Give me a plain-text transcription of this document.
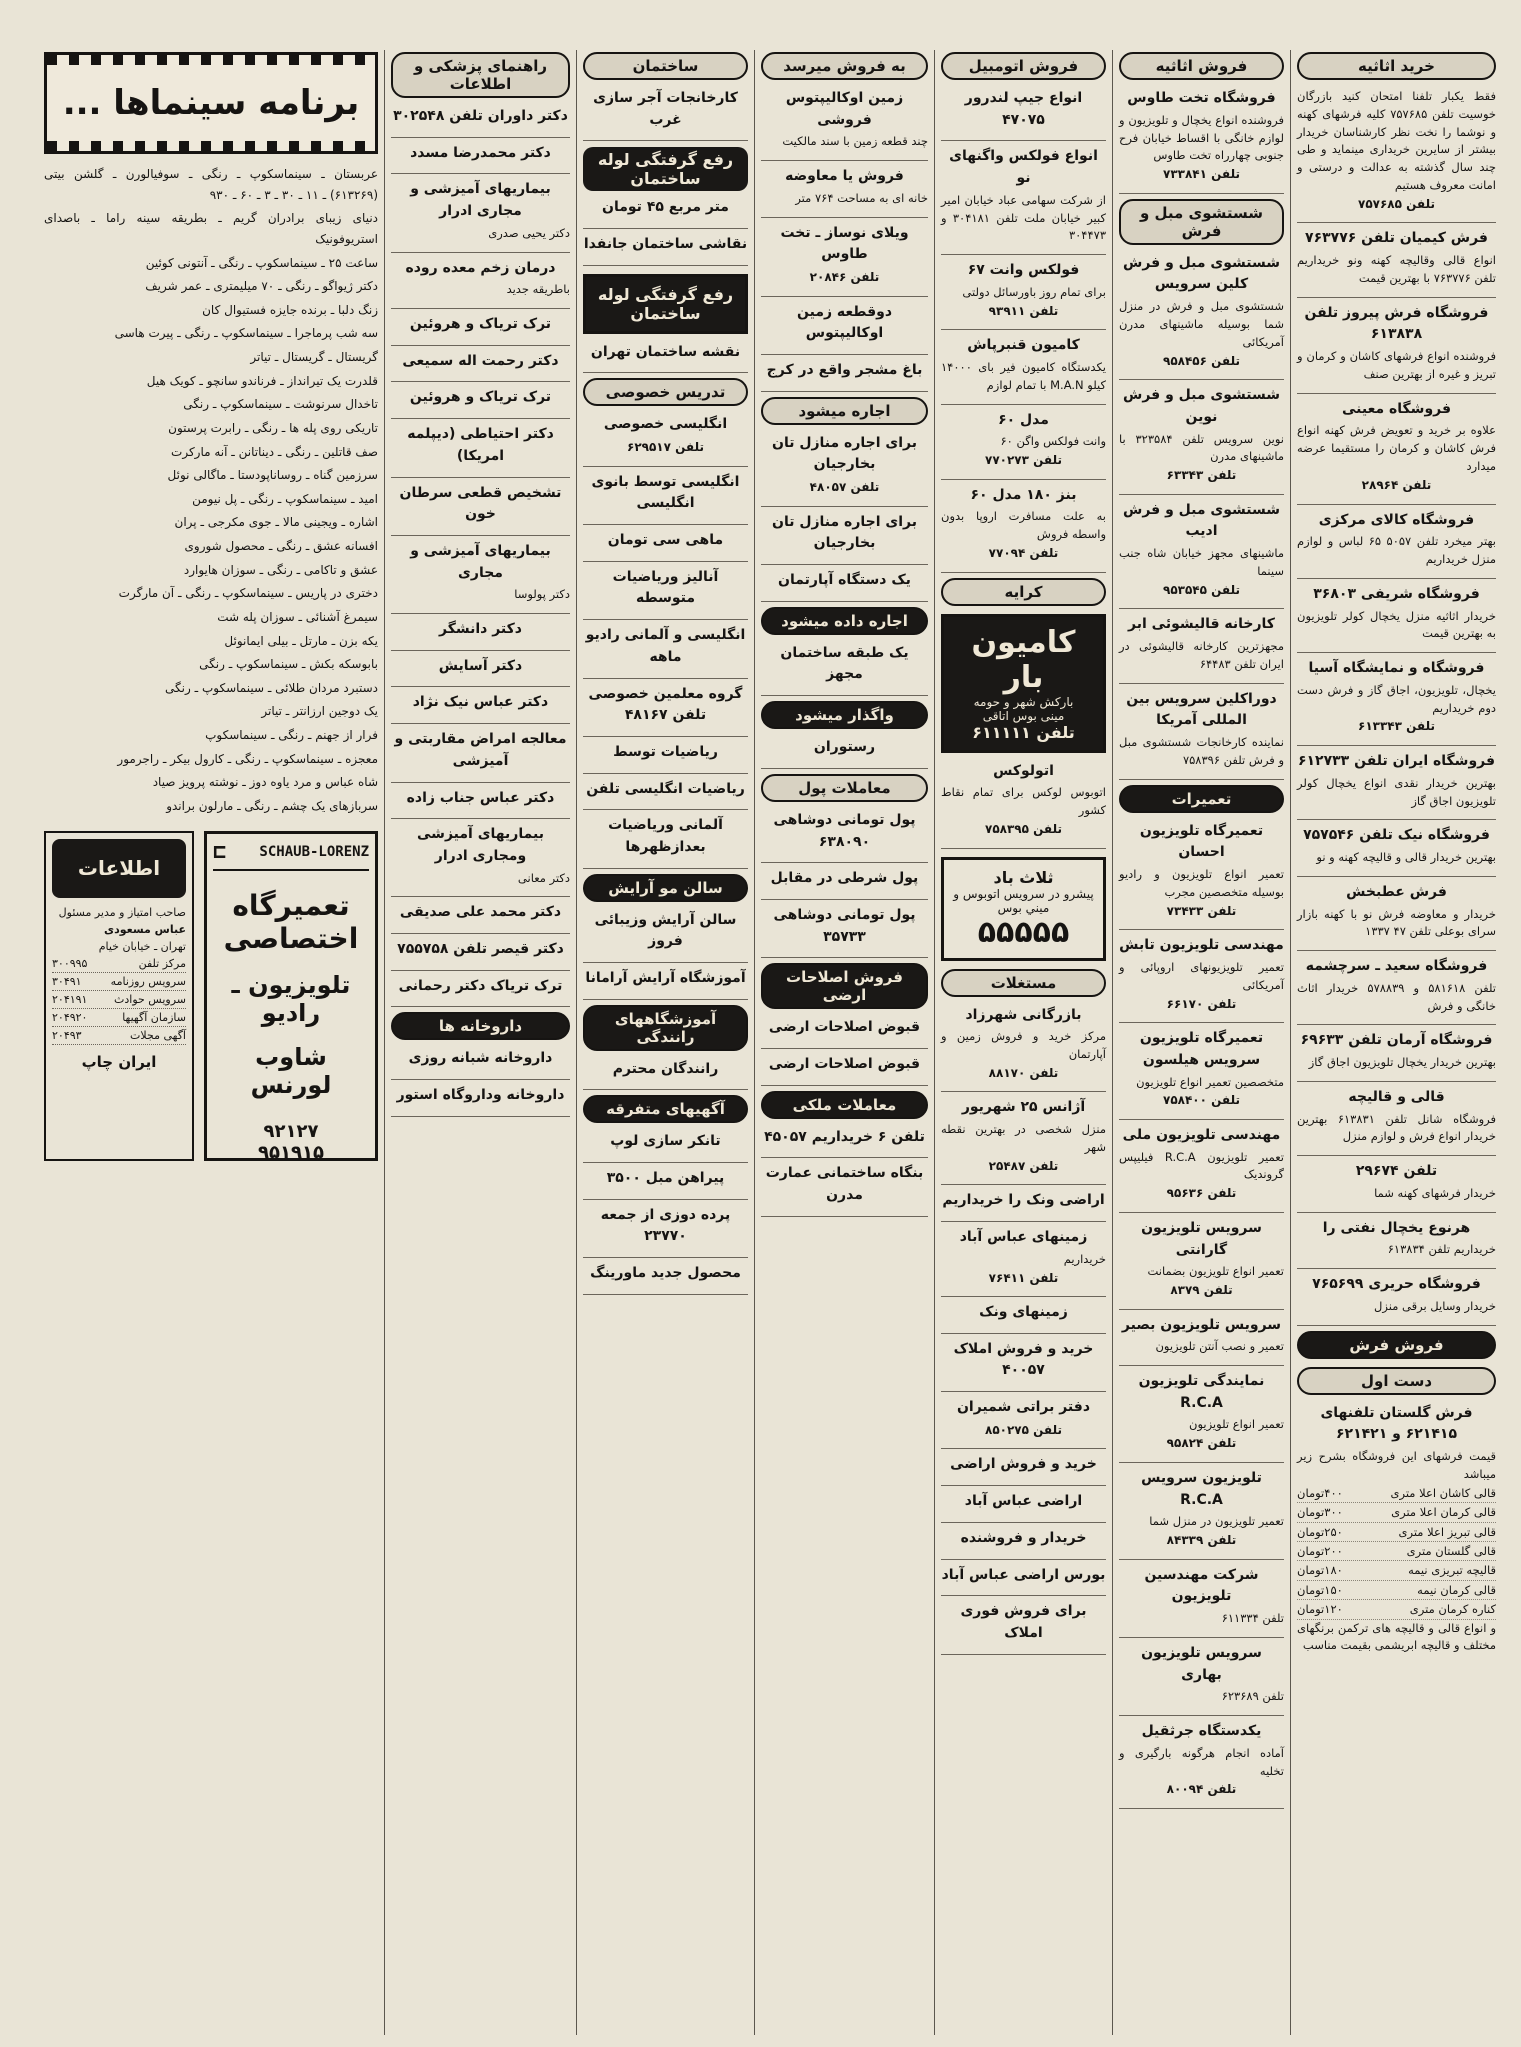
خرید اثاثیه
فقط یکبار تلفنا امتحان کنید بازرگان خوسیت تلفن ۷۵۷۶۸۵ کلیه فرشهای کهنه و نوشما را نخت نظر کارشناسان خریدار بیشتر از سایرین خریداری مینماید و طی چند سال گذشته به عدالت و درستی و امانت معروف هستیم
تلفن ۷۵۷۶۸۵
فرش کیمیان تلفن ۷۶۳۷۷۶
انواع قالی وقالیچه کهنه ونو خریداریم تلفن ۷۶۳۷۷۶ با بهترین قیمت
فروشگاه فرش پیروز تلفن ۶۱۳۸۳۸
فروشنده انواع فرشهای کاشان و کرمان و تبریز و غیره از بهترین صنف
فروشگاه معینی
علاوه بر خرید و تعویض فرش کهنه انواع فرش کاشان و کرمان را مستقیما عرضه میدارد
تلفن ۲۸۹۶۴
فروشگاه کالای مرکزی
بهتر میخرد تلفن ۵۰۵۷ ۶۵ لباس و لوازم منزل خریداریم
فروشگاه شریفی ۳۶۸۰۳
خریدار اثاثیه منزل یخچال کولر تلویزیون به بهترین قیمت
فروشگاه و نمایشگاه آسیا
یخچال، تلویزیون، اجاق گاز و فرش دست دوم خریداریم
تلفن ۶۱۳۳۴۳
فروشگاه ایران تلفن ۶۱۲۷۳۳
بهترین خریدار نقدی انواع یخچال کولر تلویزیون اجاق گاز
فروشگاه نیک تلفن ۷۵۷۵۴۶
بهترین خریدار قالی و قالیچه کهنه و نو
فرش عطبخش
خریدار و معاوضه فرش نو با کهنه بازار سرای بوعلی تلفن ۴۷ ۱۳۳۷
فروشگاه سعید ـ سرچشمه
تلفن ۵۸۱۶۱۸ و ۵۷۸۸۳۹ خریدار اثاث خانگی و فرش
فروشگاه آرمان تلفن ۶۹۶۳۳
بهترین خریدار یخچال تلویزیون اجاق گاز
قالی و قالیچه
فروشگاه شانل تلفن ۶۱۳۸۳۱ بهترین خریدار انواع فرش و لوازم منزل
تلفن ۲۹۶۷۴
خریدار فرشهای کهنه شما
هرنوع یخچال نفتی را
خریداریم تلفن ۶۱۳۸۳۴
فروشگاه حریری ۷۶۵۶۹۹
خریدار وسایل برقی منزل
فروش فرش
دست اول
فرش گلستان تلفنهای ۶۲۱۴۱۵ و ۶۲۱۴۲۱
قیمت فرشهای این فروشگاه بشرح زیر میباشد
قالی کاشان اعلا متری
۴۰۰تومان
قالی کرمان اعلا متری
۳۰۰تومان
قالی تبریز اعلا متری
۲۵۰تومان
قالی گلستان متری
۲۰۰تومان
قالیچه تبریزی نیمه
۱۸۰تومان
قالی کرمان نیمه
۱۵۰تومان
کناره کرمان متری
۱۲۰تومان
و انواع قالی و قالیچه های ترکمن برنگهای مختلف و قالیچه ابریشمی بقیمت مناسب
فروش اثاثیه
فروشگاه تخت طاوس
فروشنده انواع یخچال و تلویزیون و لوازم خانگی با اقساط خیابان فرح جنوبی چهارراه تخت طاوس
تلفن ۷۳۳۸۴۱
شستشوی مبل و فرش
شستشوی مبل و فرش کلین سرویس
شستشوی مبل و فرش در منزل شما بوسیله ماشینهای مدرن آمریکائی
تلفن ۹۵۸۴۵۶
شستشوی مبل و فرش نوین
نوین سرویس تلفن ۳۲۳۵۸۴ با ماشینهای مدرن
تلفن ۶۳۳۴۳
شستشوی مبل و فرش ادیب
ماشینهای مجهز خیابان شاه جنب سینما
تلفن ۹۵۳۵۴۵
کارخانه قالیشوئی ابر
مجهزترین کارخانه قالیشوئی در ایران تلفن ۶۴۴۸۳
دوراکلین سرویس بین المللی آمریکا
نماینده کارخانجات شستشوی مبل و فرش تلفن ۷۵۸۳۹۶
تعمیرات
تعمیرگاه تلویزیون احسان
تعمیر انواع تلویزیون و رادیو بوسیله متخصصین مجرب
تلفن ۷۳۴۳۳
مهندسی تلویزیون تابش
تعمیر تلویزیونهای اروپائی و آمریکائی
تلفن ۶۶۱۷۰
تعمیرگاه تلویزیون سرویس هیلسون
متخصصین تعمیر انواع تلویزیون
تلفن ۷۵۸۴۰۰
مهندسی تلویزیون ملی
تعمیر تلویزیون R.C.A فیلیپس گروندیک
تلفن ۹۵۶۳۶
سرویس تلویزیون گارانتی
تعمیر انواع تلویزیون بضمانت
تلفن ۸۳۷۹
سرویس تلویزیون بصیر
تعمیر و نصب آنتن تلویزیون
نمایندگی تلویزیون R.C.A
تعمیر انواع تلویزیون
تلفن ۹۵۸۲۴
تلویزیون سرویس R.C.A
تعمیر تلویزیون در منزل شما
تلفن ۸۴۳۳۹
شرکت مهندسین تلویزیون
تلفن ۶۱۱۳۳۴
سرویس تلویزیون بهاری
تلفن ۶۲۳۶۸۹
یکدستگاه جرثقیل
آماده انجام هرگونه بارگیری و تخلیه
تلفن ۸۰۰۹۴
فروش اتومبیل
انواع جیپ لندرور ۴۷۰۷۵
انواع فولکس واگنهای نو
از شرکت سهامی عباد خیابان امیر کبیر خیابان ملت تلفن ۳۰۴۱۸۱ و ۳۰۴۴۷۳
فولکس وانت ۶۷
برای تمام روز باورسائل دولتی
تلفن ۹۳۹۱۱
کامیون قنبرپاش
یکدستگاه کامیون فیر بای ۱۴۰۰۰ کیلو M.A.N با تمام لوازم
مدل ۶۰
وانت فولکس واگن ۶۰
تلفن ۷۷۰۲۷۳
بنز ۱۸۰ مدل ۶۰
به علت مسافرت اروپا بدون واسطه فروش
تلفن ۷۷۰۹۴
کرایه
کامیون بار
بارکش شهر و حومه
مینی بوس اتاقی
تلفن ۶۱۱۱۱۱
اتولوکس
اتوبوس لوکس برای تمام نقاط کشور
تلفن ۷۵۸۳۹۵
ثلاث باد
پیشرو در سرویس اتوبوس و میني بوس
۵۵۵۵۵
مستغلات
بازرگانی شهرزاد
مرکز خرید و فروش زمین و آپارتمان
تلفن ۸۸۱۷۰
آژانس ۲۵ شهریور
منزل شخصی در بهترین نقطه شهر
تلفن ۲۵۴۸۷
اراضی ونک را خریداریم
زمینهای عباس آباد
خریداریم
تلفن ۷۶۴۱۱
زمینهای ونک
خرید و فروش املاک ۴۰۰۵۷
دفتر براتی شمیران
تلفن ۸۵۰۲۷۵
خرید و فروش اراضی
اراضی عباس آباد
خریدار و فروشنده
بورس اراضی عباس آباد
برای فروش فوری املاک
به فروش میرسد
زمین اوکالیپتوس فروشی
چند قطعه زمین با سند مالکیت
فروش یا معاوضه
خانه ای به مساحت ۷۶۴ متر
ویلای نوساز ـ تخت طاوس
تلفن ۲۰۸۴۶
دوقطعه زمین اوکالیپتوس
باغ مشجر واقع در کرج
اجاره میشود
برای اجاره منازل تان بخارجیان
تلفن ۴۸۰۵۷
برای اجاره منازل تان بخارجیان
یک دستگاه آپارتمان
اجاره داده میشود
یک طبقه ساختمان مجهز
واگذار میشود
رستوران
معاملات پول
پول تومانی دوشاهی ۶۳۸۰۹۰
پول شرطی در مقابل
پول تومانی دوشاهی ۳۵۷۳۳
فروش اصلاحات ارضی
قبوض اصلاحات ارضی
قبوض اصلاحات ارضی
معاملات ملکی
تلفن ۶ خریداریم ۴۵۰۵۷
بنگاه ساختمانی عمارت مدرن
ساختمان
کارخانجات آجر سازی غرب
رفع گرفتگی لوله ساختمان
متر مربع ۴۵ تومان
نقاشی ساختمان جانفدا
رفع گرفتگی لوله ساختمان
نقشه ساختمان تهران
تدریس خصوصی
انگلیسی خصوصی
تلفن ۶۲۹۵۱۷
انگلیسی توسط بانوی انگلیسی
ماهی سی تومان
آنالیز وریاضیات متوسطه
انگلیسی و آلمانی رادیو ماهه
گروه معلمین خصوصی تلفن ۴۸۱۶۷
ریاضیات توسط
ریاضیات انگلیسی تلفن
آلمانی وریاضیات بعدازظهرها
سالن مو آرایش
سالن آرایش وزیبائی فروز
آموزشگاه آرایش آرامانا
آموزشگاههای رانندگی
رانندگان محترم
آگهیهای متفرقه
تانکر سازی لوپ
پیراهن مبل ۳۵۰۰
پرده دوزی از جمعه ۲۳۷۷۰
محصول جدید ماورینگ
راهنمای پزشکی و اطلاعات
دکتر داوران تلفن ۳۰۲۵۴۸
دکتر محمدرضا مسدد
بیماریهای آمیزشی و مجاری ادرار
دکتر یحیی صدری
درمان زخم معده روده
باطریقه جدید
ترک تریاک و هروئین
دکتر رحمت اله سمیعی
ترک تریاک و هروئین
دکتر احتیاطی (دیپلمه امریکا)
تشخیص قطعی سرطان خون
بیماریهای آمیزشی و مجاری
دکتر پولوسا
دکتر دانشگر
دکتر آسایش
دکتر عباس نیک نژاد
معالجه امراض مقاربتی و آمیزشی
دکتر عباس جناب زاده
بیماریهای آمیزشی ومجاری ادرار
دکتر معانی
دکتر محمد علی صدیقی
دکتر قیصر تلفن ۷۵۵۷۵۸
ترک تریاک دکتر رحمانی
داروخانه ها
داروخانه شبانه روزی
داروخانه وداروگاه استور
برنامه سینماها ...

عربستان ـ سینماسکوپ ـ رنگی ـ سوفیالورن ـ گلشن بیتی (۶۱۳۲۶۹) ـ ۱۱ ـ ۳۰ ـ ۳ ـ ۶۰ ـ ۹۳۰

دنیای زیبای برادران گریم ـ بطریقه سینه راما ـ باصدای استریوفونیک

ساعت ۲۵ ـ سینماسکوپ ـ رنگی ـ آنتونی کوئین

دکتر ژیواگو ـ رنگی ـ ۷۰ میلیمتری ـ عمر شریف

زنگ دلبا ـ برنده جایزه فستیوال کان

سه شب پرماجرا ـ سینماسکوپ ـ رنگی ـ پیرت هاسی

گریستال ـ گریستال ـ تیاتر

قلدرت یک تیرانداز ـ فرناندو سانچو ـ کویک هیل

تاخدال سرنوشت ـ سینماسکوپ ـ رنگی

تاریکی روی پله ها ـ رنگی ـ رابرت پرستون

صف قاتلین ـ رنگی ـ دیناتانن ـ آنه مارکرت

سرزمین گناه ـ روساناپودستا ـ ماگالی نوئل

امید ـ سینماسکوپ ـ رنگی ـ پل نیومن

اشاره ـ ویجینی مالا ـ جوی مکرجی ـ پران

افسانه عشق ـ رنگی ـ محصول شوروی

عشق و تاکامی ـ رنگی ـ سوزان هایوارد

دختری در پاریس ـ سینماسکوپ ـ رنگی ـ آن مارگرت

سیمرغ آشنائی ـ سوزان پله شت

یکه بزن ـ مارتل ـ بیلی ایمانوئل

بابوسکه بکش ـ سینماسکوپ ـ رنگی

دستبرد مردان طلائی ـ سینماسکوپ ـ رنگی

یک دوجین ارزانتر ـ تیاتر

فرار از جهنم ـ رنگی ـ سینماسکوپ

معجزه ـ سینماسکوپ ـ رنگی ـ کارول بیکر ـ راجرمور

شاه عباس و مرد یاوه دوز ـ نوشته پرویز صیاد

سربازهای یک چشم ـ رنگی ـ مارلون براندو

⊏ SCHAUB-LORENZ
تعمیرگاه اختصاصی
تلویزیون ـ رادیو
شاوب لورنس
۹۲۱۲۷
۹۵۱۹۱۵
اطلاعات
صاحب امتیاز و مدیر مسئول
عباس مسعودی
تهران ـ خیابان خیام
مرکز تلفن
۳۰۰۹۹۵
سرویس روزنامه
۳۰۴۹۱
سرویس حوادث
۲۰۴۱۹۱
سازمان آگهیها
۲۰۴۹۲۰
آگهی مجلات
۲۰۴۹۳
ایران چاپ
